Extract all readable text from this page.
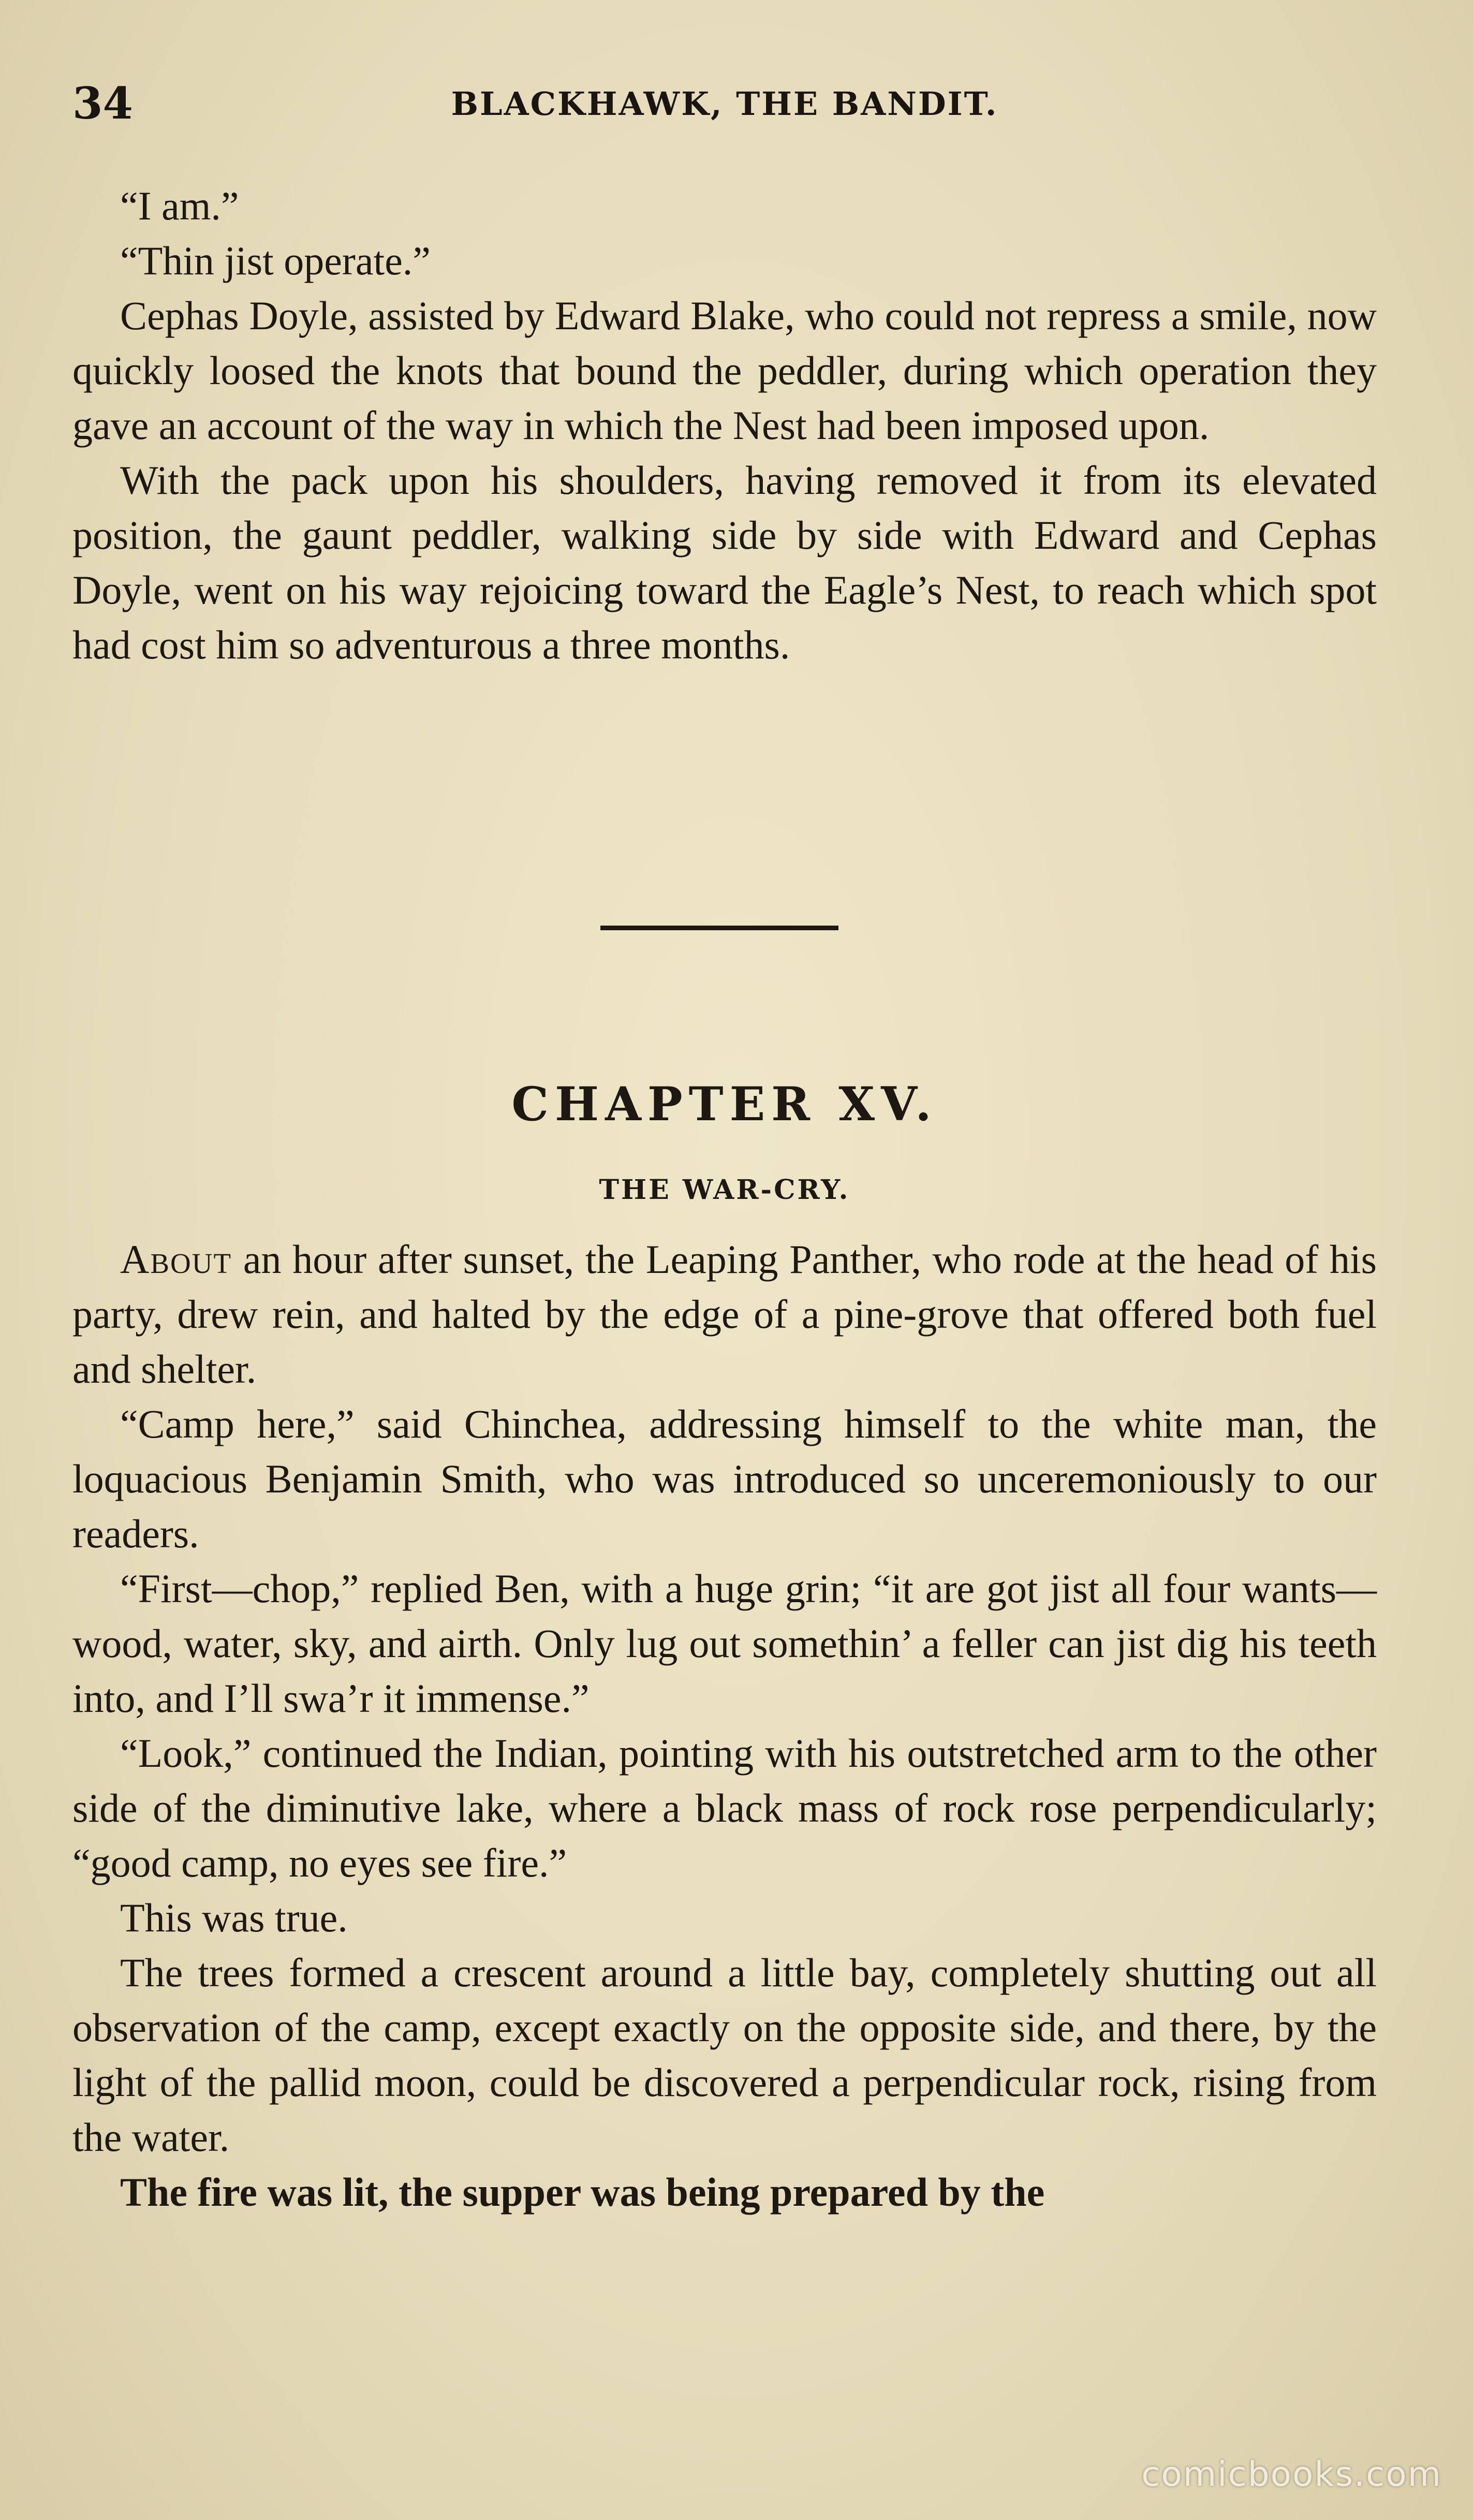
34	BLACKHAWK, THE BANDIT.

“I am.”

“Thin jist operate.”

Cephas Doyle, assisted by Edward Blake, who could not repress a smile, now quickly loosed the knots that bound the peddler, during which operation they gave an account of the way in which the Nest had been imposed upon.

With the pack upon his shoulders, having removed it from its elevated position, the gaunt peddler, walking side by side with Edward and Cephas Doyle, went on his way rejoicing toward the Eagle’s Nest, to reach which spot had cost him so adventurous a three months.

CHAPTER XV.
THE WAR-CRY.

About an hour after sunset, the Leaping Panther, who rode at the head of his party, drew rein, and halted by the edge of a pine-grove that offered both fuel and shelter.

“Camp here,” said Chinchea, addressing himself to the white man, the loquacious Benjamin Smith, who was introduced so unceremoniously to our readers.

“First—chop,” replied Ben, with a huge grin; “it are got jist all four wants—wood, water, sky, and airth. Only lug out somethin’ a feller can jist dig his teeth into, and I’ll swa’r it immense.”

“Look,” continued the Indian, pointing with his outstretched arm to the other side of the diminutive lake, where a black mass of rock rose perpendicularly; “good camp, no eyes see fire.”

This was true.

The trees formed a crescent around a little bay, completely shutting out all observation of the camp, except exactly on the opposite side, and there, by the light of the pallid moon, could be discovered a perpendicular rock, rising from the water.

The fire was lit, the supper was being prepared by the

comicbooks.com
